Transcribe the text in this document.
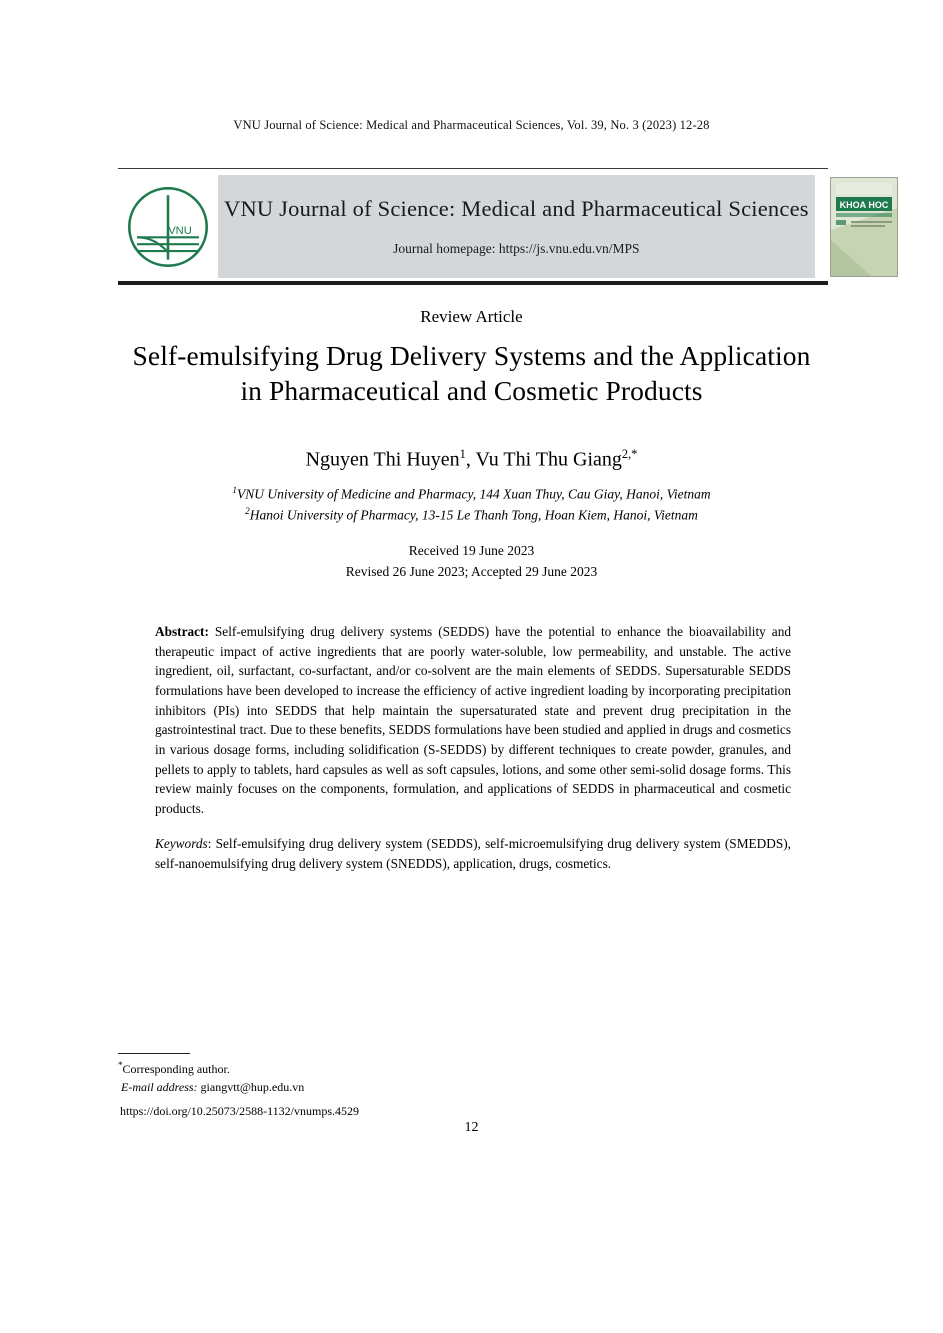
VNU Journal of Science: Medical and Pharmaceutical Sciences, Vol. 39, No. 3 (2023) 12-28
VNU
VNU Journal of Science: Medical and Pharmaceutical Sciences
Journal homepage: https://js.vnu.edu.vn/MPS
KHOA HOC
Review Article
Self-emulsifying Drug Delivery Systems and the Application
in Pharmaceutical and Cosmetic Products
Nguyen Thi Huyen$^1$, Vu Thi Thu Giang$^{2,*}$
$^1$VNU University of Medicine and Pharmacy, 144 Xuan Thuy, Cau Giay, Hanoi, Vietnam
$^2$Hanoi University of Pharmacy, 13-15 Le Thanh Tong, Hoan Kiem, Hanoi, Vietnam
Received 19 June 2023
Revised 26 June 2023; Accepted 29 June 2023
Abstract: Self-emulsifying drug delivery systems (SEDDS) have the potential to enhance the bioavailability and therapeutic impact of active ingredients that are poorly water-soluble, low permeability, and unstable. The active ingredient, oil, surfactant, co-surfactant, and/or co-solvent are the main elements of SEDDS. Supersaturable SEDDS formulations have been developed to increase the efficiency of active ingredient loading by incorporating precipitation inhibitors (PIs) into SEDDS that help maintain the supersaturated state and prevent drug precipitation in the gastrointestinal tract. Due to these benefits, SEDDS formulations have been studied and applied in drugs and cosmetics in various dosage forms, including solidification (S-SEDDS) by different techniques to create powder, granules, and pellets to apply to tablets, hard capsules as well as soft capsules, lotions, and some other semi-solid dosage forms. This review mainly focuses on the components, formulation, and applications of SEDDS in pharmaceutical and cosmetic products.
Keywords: Self-emulsifying drug delivery system (SEDDS), self-microemulsifying drug delivery system (SMEDDS), self-nanoemulsifying drug delivery system (SNEDDS), application, drugs, cosmetics.
*Corresponding author.
E-mail address: giangvtt@hup.edu.vn
https://doi.org/10.25073/2588-1132/vnumps.4529
12
